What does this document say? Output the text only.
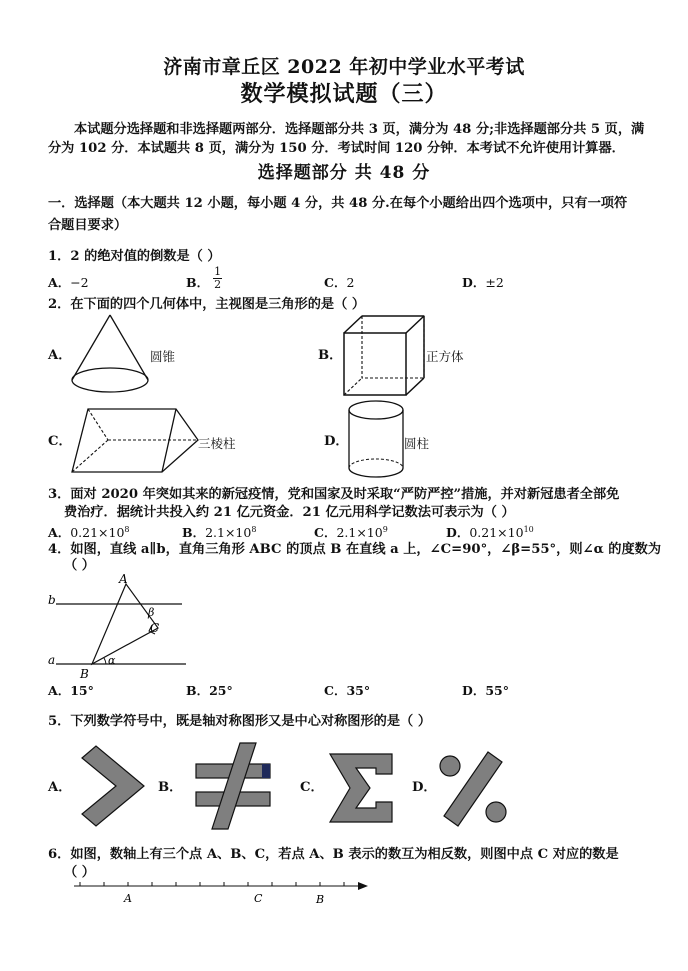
济南市章丘区 2022 年初中学业水平考试
数学模拟试题（三）
本试题分选择题和非选择题两部分．选择题部分共 3 页，满分为 48 分;非选择题部分共 5 页，满分为 102 分．本试题共 8 页，满分为 150 分．考试时间 120 分钟．本考试不允许使用计算器．
选择题部分 共 48 分
一．选择题（本大题共 12 小题，每小题 4 分，共 48 分.在每个小题给出四个选项中，只有一项符
合题目要求）
1．2 的绝对值的倒数是（ ）
A．−2	B． $\frac{1}{2}$	C．2	D．±2
2．在下面的四个几何体中，主视图是三角形的是（ ）
A．	圆锥	B．	正方体
C．	三棱柱	D．	圆柱
3．面对 2020 年突如其来的新冠疫情，党和国家及时采取“严防严控”措施，并对新冠患者全部免
费治疗．据统计共投入约 21 亿元资金．21 亿元用科学记数法可表示为（ ）
A．$0.21\times 10^8$	B．$2.1\times 10^8$	C．$2.1\times 10^9$	D．$0.21\times 10^{10}$
4．如图，直线 a∥b，直角三角形 ABC 的顶点 B 在直线 a 上，∠C=90°，∠β=55°，则∠α 的度数为
（ ）
b
a
A
B
C
β
α
A．15°	B．25°	C．35°	D．55°
5．下列数学符号中，既是轴对称图形又是中心对称图形的是（ ）
A．	B．	C．	D．
6．如图，数轴上有三个点 A、B、C，若点 A、B 表示的数互为相反数，则图中点 C 对应的数是
（ ）
A	C	B
